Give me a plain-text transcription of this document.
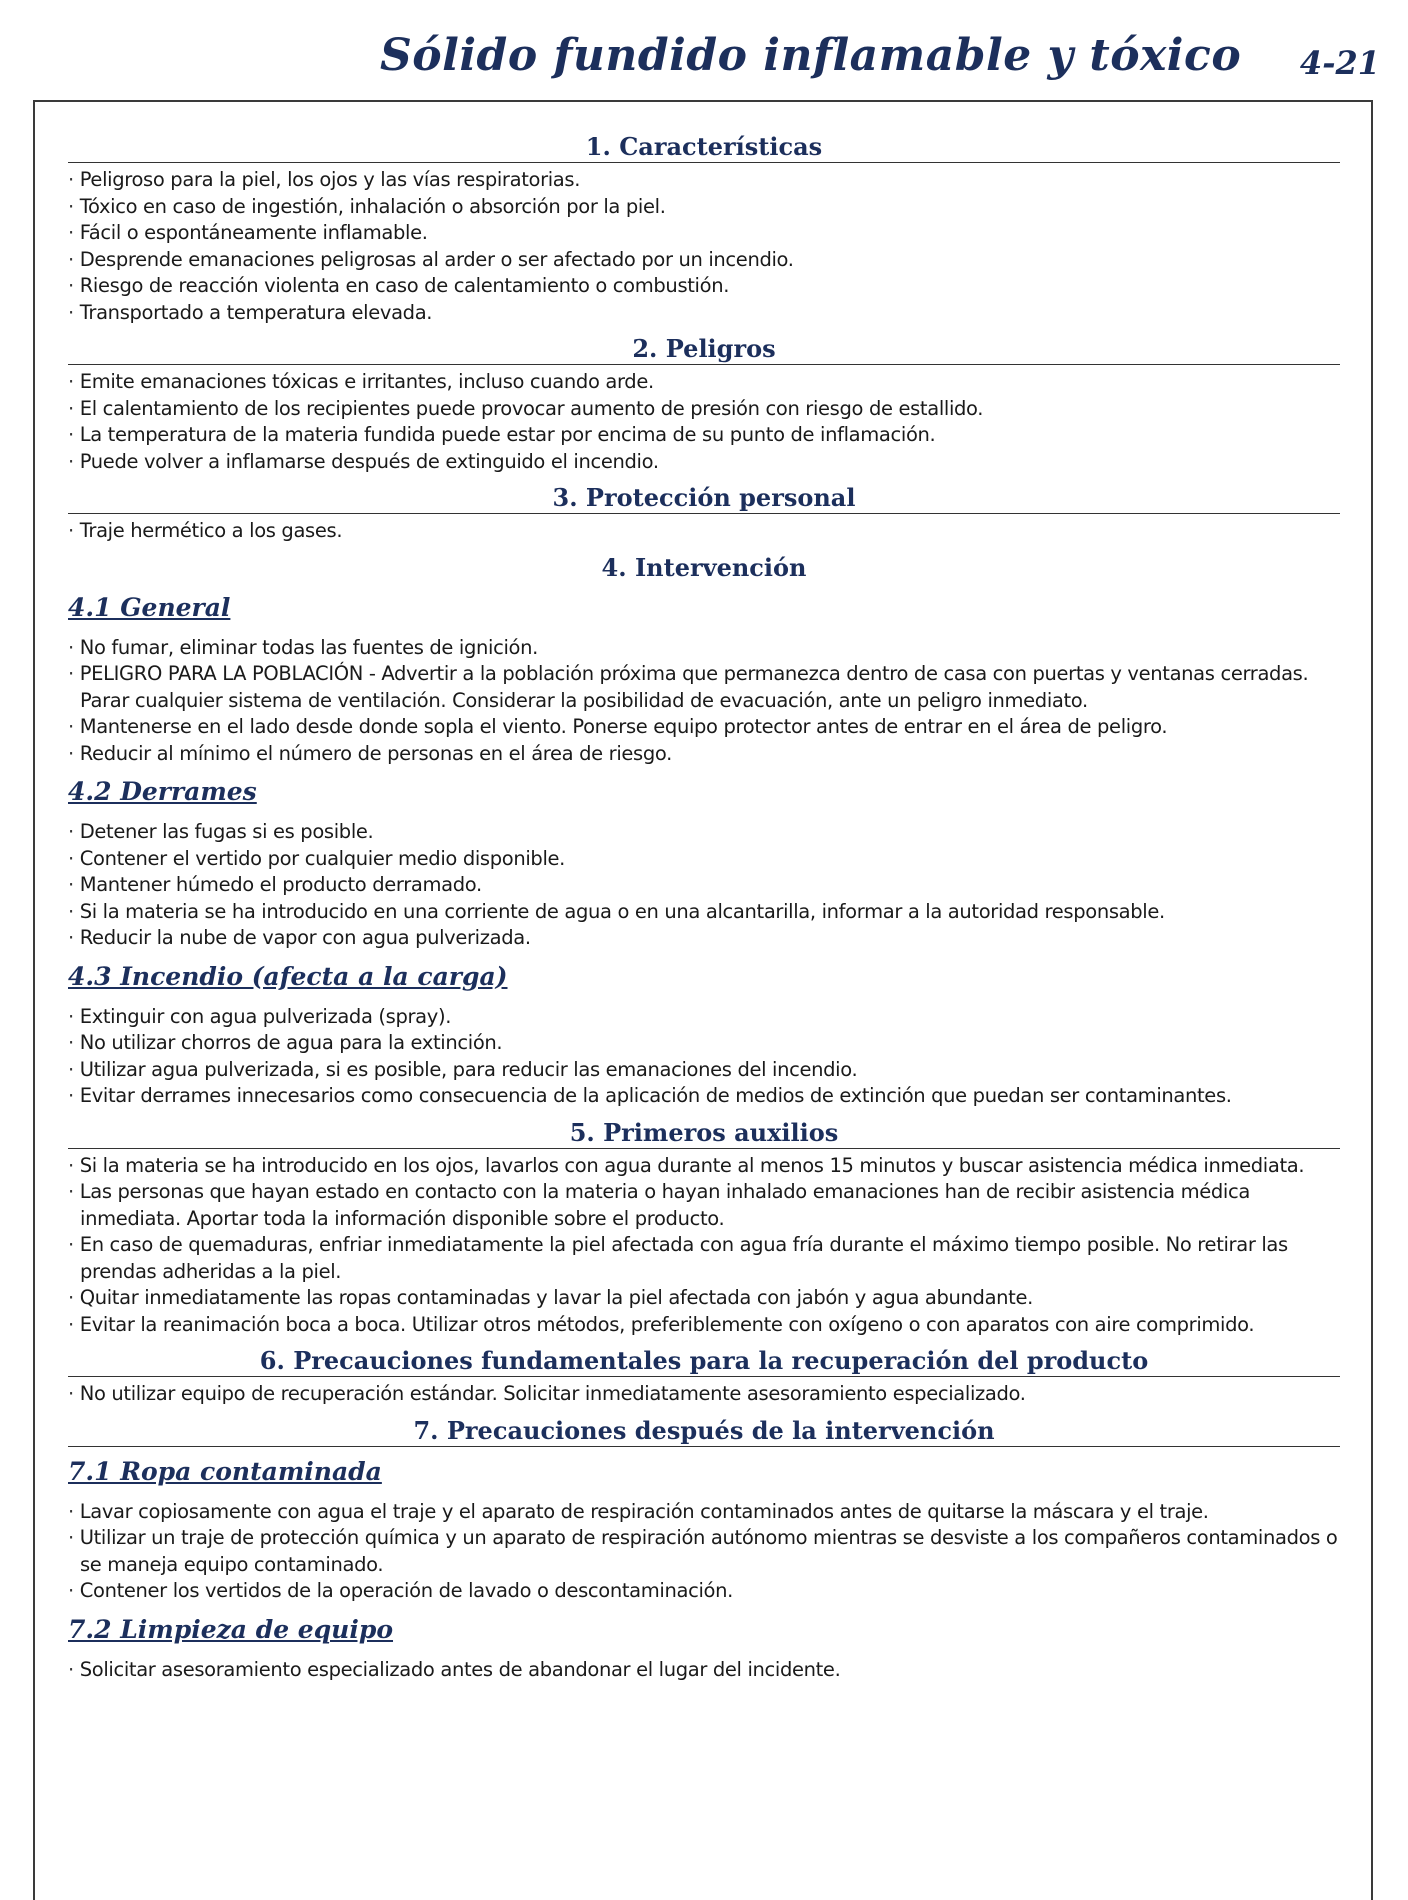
Sólido fundido inflamable y tóxico 4-21
1. Características
· Peligroso para la piel, los ojos y las vías respiratorias.
· Tóxico en caso de ingestión, inhalación o absorción por la piel.
· Fácil o espontáneamente inflamable.
· Desprende emanaciones peligrosas al arder o ser afectado por un incendio.
· Riesgo de reacción violenta en caso de calentamiento o combustión.
· Transportado a temperatura elevada.
2. Peligros
· Emite emanaciones tóxicas e irritantes, incluso cuando arde.
· El calentamiento de los recipientes puede provocar aumento de presión con riesgo de estallido.
· La temperatura de la materia fundida puede estar por encima de su punto de inflamación.
· Puede volver a inflamarse después de extinguido el incendio.
3. Protección personal
· Traje hermético a los gases.
4. Intervención
4.1 General
· No fumar, eliminar todas las fuentes de ignición.
· PELIGRO PARA LA POBLACIÓN - Advertir a la población próxima que permanezca dentro de casa con puertas y ventanas cerradas. Parar cualquier sistema de ventilación. Considerar la posibilidad de evacuación, ante un peligro inmediato.
· Mantenerse en el lado desde donde sopla el viento. Ponerse equipo protector antes de entrar en el área de peligro.
· Reducir al mínimo el número de personas en el área de riesgo.
4.2 Derrames
· Detener las fugas si es posible.
· Contener el vertido por cualquier medio disponible.
· Mantener húmedo el producto derramado.
· Si la materia se ha introducido en una corriente de agua o en una alcantarilla, informar a la autoridad responsable.
· Reducir la nube de vapor con agua pulverizada.
4.3 Incendio (afecta a la carga)
· Extinguir con agua pulverizada (spray).
· No utilizar chorros de agua para la extinción.
· Utilizar agua pulverizada, si es posible, para reducir las emanaciones del incendio.
· Evitar derrames innecesarios como consecuencia de la aplicación de medios de extinción que puedan ser contaminantes.
5. Primeros auxilios
· Si la materia se ha introducido en los ojos, lavarlos con agua durante al menos 15 minutos y buscar asistencia médica inmediata.
· Las personas que hayan estado en contacto con la materia o hayan inhalado emanaciones han de recibir asistencia médica inmediata. Aportar toda la información disponible sobre el producto.
· En caso de quemaduras, enfriar inmediatamente la piel afectada con agua fría durante el máximo tiempo posible. No retirar las prendas adheridas a la piel.
· Quitar inmediatamente las ropas contaminadas y lavar la piel afectada con jabón y agua abundante.
· Evitar la reanimación boca a boca. Utilizar otros métodos, preferiblemente con oxígeno o con aparatos con aire comprimido.
6. Precauciones fundamentales para la recuperación del producto
· No utilizar equipo de recuperación estándar. Solicitar inmediatamente asesoramiento especializado.
7. Precauciones después de la intervención
7.1 Ropa contaminada
· Lavar copiosamente con agua el traje y el aparato de respiración contaminados antes de quitarse la máscara y el traje.
· Utilizar un traje de protección química y un aparato de respiración autónomo mientras se desviste a los compañeros contaminados o se maneja equipo contaminado.
· Contener los vertidos de la operación de lavado o descontaminación.
7.2 Limpieza de equipo
· Solicitar asesoramiento especializado antes de abandonar el lugar del incidente.
